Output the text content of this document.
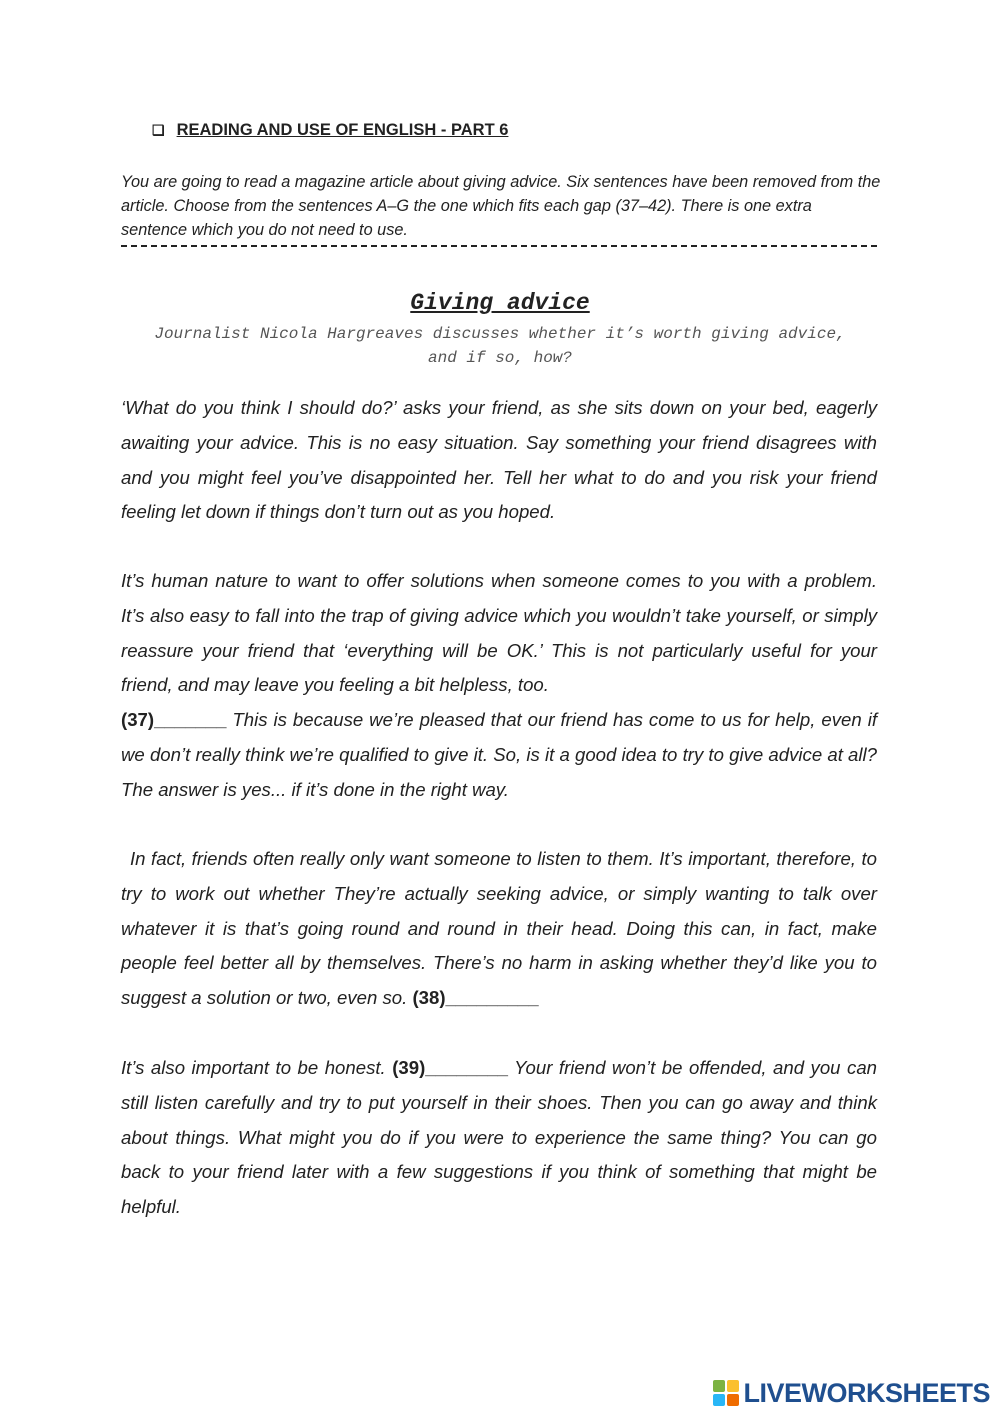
❏ READING AND USE OF ENGLISH - PART 6

You are going to read a magazine article about giving advice. Six sentences have been removed from the article. Choose from the sentences A–G the one which fits each gap (37–42). There is one extra sentence which you do not need to use.

Giving advice

Journalist Nicola Hargreaves discusses whether it’s worth giving advice, and if so, how?

‘What do you think I should do?’ asks your friend, as she sits down on your bed, eagerly awaiting your advice. This is no easy situation. Say something your friend disagrees with and you might feel you’ve disappointed her. Tell her what to do and you risk your friend feeling let down if things don’t turn out as you hoped.

It’s human nature to want to offer solutions when someone comes to you with a problem. It’s also easy to fall into the trap of giving advice which you wouldn’t take yourself, or simply reassure your friend that ‘everything will be OK.’ This is not particularly useful for your friend, and may leave you feeling a bit helpless, too.
(37)_______ This is because we’re pleased that our friend has come to us for help, even if we don’t really think we’re qualified to give it. So, is it a good idea to try to give advice at all? The answer is yes... if it’s done in the right way.

In fact, friends often really only want someone to listen to them. It’s important, therefore, to try to work out whether They’re actually seeking advice, or simply wanting to talk over whatever it is that’s going round and round in their head. Doing this can, in fact, make people feel better all by themselves. There’s no harm in asking whether they’d like you to suggest a solution or two, even so. (38)_________

It’s also important to be honest. (39)________ Your friend won’t be offended, and you can still listen carefully and try to put yourself in their shoes. Then you can go away and think about things. What might you do if you were to experience the same thing? You can go back to your friend later with a few suggestions if you think of something that might be helpful.

LIVEWORKSHEETS
